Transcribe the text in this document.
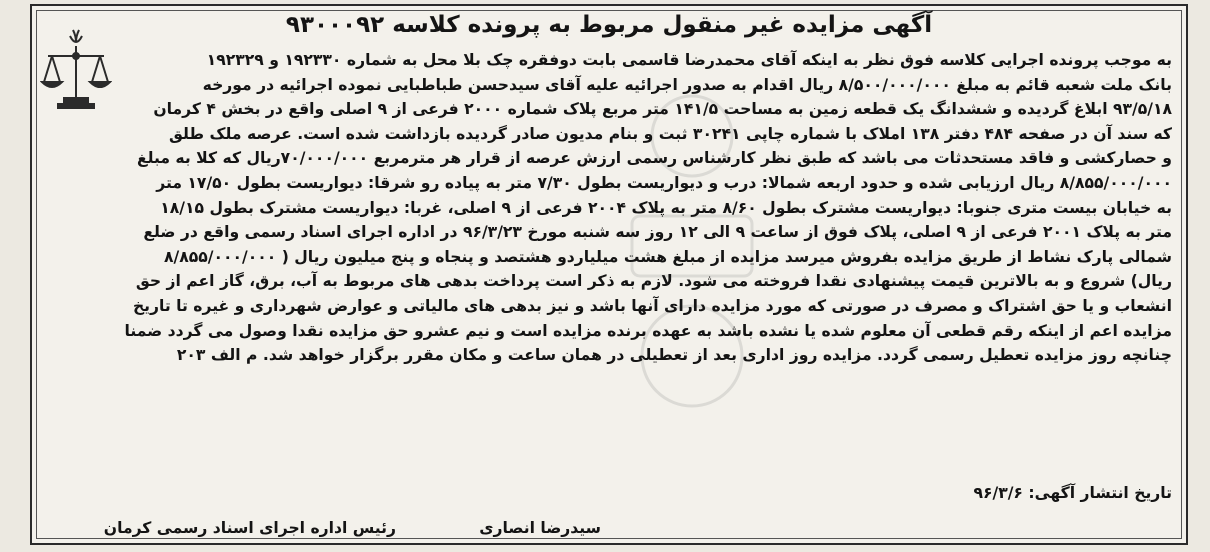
آگهی مزایده غیر منقول مربوط به پرونده کلاسه ۹۳۰۰۰۹۲

به موجب پرونده اجرایی کلاسه فوق نظر به اینکه آقای محمدرضا قاسمی بابت دوفقره چک بلا محل به شماره ۱۹۲۳۳۰ و ۱۹۲۳۲۹

بانک ملت شعبه قائم به مبلغ ۸/۵۰۰/۰۰۰/۰۰۰ ریال اقدام به صدور اجرائیه علیه آقای سیدحسن طباطبایی نموده اجرائیه در مورخه

۹۳/۵/۱۸ ابلاغ گردیده و ششدانگ یک قطعه زمین به مساحت ۱۴۱/۵ متر مربع پلاک شماره ۲۰۰۰ فرعی از ۹ اصلی واقع در بخش ۴ کرمان

که سند آن در صفحه ۴۸۴ دفتر ۱۳۸ املاک با شماره چاپی ۳۰۲۴۱ ثبت و بنام مدیون صادر گردیده بازداشت شده است. عرصه ملک طلق

و حصارکشی و فاقد مستحدثات می باشد که طبق نظر کارشناس رسمی ارزش عرصه از قرار هر مترمربع ۷۰/۰۰۰/۰۰۰ریال که کلا به مبلغ

۸/۸۵۵/۰۰۰/۰۰۰ ریال ارزیابی شده و حدود اربعه شمالا: درب و دیواریست بطول ۷/۳۰ متر به پیاده رو شرقا: دیواریست بطول ۱۷/۵۰ متر

به خیابان بیست متری جنوبا: دیواریست مشترک بطول ۸/۶۰ متر به پلاک ۲۰۰۴ فرعی از ۹ اصلی، غربا: دیواریست مشترک بطول ۱۸/۱۵

متر به پلاک ۲۰۰۱ فرعی از ۹ اصلی، پلاک فوق از ساعت ۹ الی ۱۲ روز سه شنبه مورخ ۹۶/۳/۲۳ در اداره اجرای اسناد رسمی واقع در ضلع

شمالی پارک نشاط از طریق مزایده بفروش میرسد مزایده از مبلغ هشت میلیاردو هشتصد و پنجاه و پنج میلیون ریال ( ۸/۸۵۵/۰۰۰/۰۰۰

ریال) شروع و به بالاترین قیمت پیشنهادی نقدا فروخته می شود. لازم به ذکر است پرداخت بدهی های مربوط به آب، برق، گاز اعم از حق

انشعاب و یا حق اشتراک و مصرف در صورتی که مورد مزایده دارای آنها باشد و نیز بدهی های مالیاتی و عوارض شهرداری و غیره تا تاریخ

مزایده اعم از اینکه رقم قطعی آن معلوم شده یا نشده باشد به عهده برنده مزایده است و نیم عشرو حق مزایده نقدا وصول می گردد ضمنا

چنانچه روز مزایده تعطیل رسمی گردد. مزایده روز اداری بعد از تعطیلی در همان ساعت و مکان مقرر برگزار خواهد شد. م الف ۲۰۳

تاریخ انتشار آگهی: ۹۶/۳/۶
سیدرضا انصاری
رئیس اداره اجرای اسناد رسمی کرمان
